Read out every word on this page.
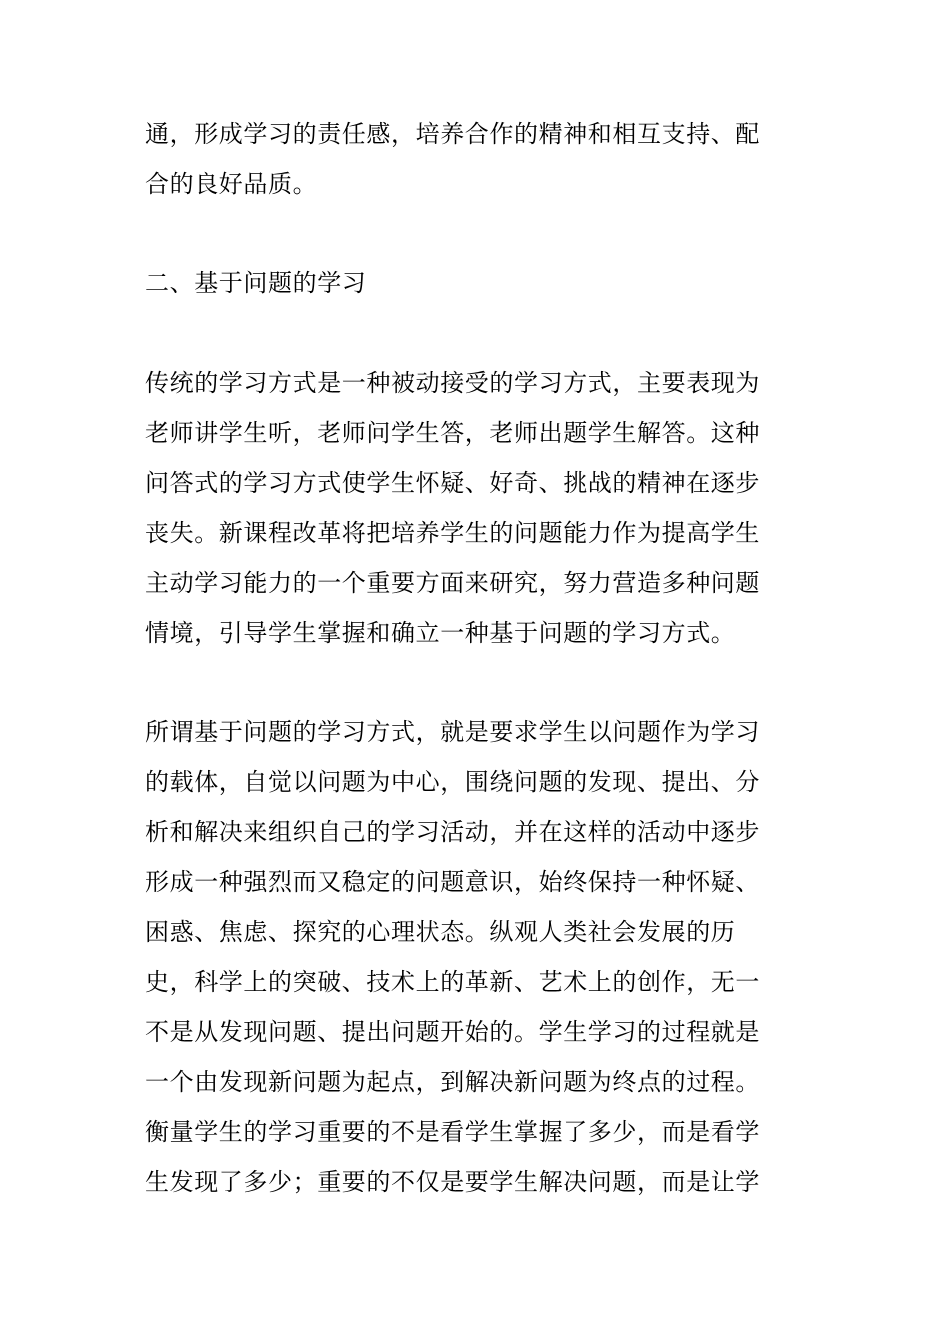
通，形成学习的责任感，培养合作的精神和相互支持、配

合的良好品质。

二、基于问题的学习

传统的学习方式是一种被动接受的学习方式，主要表现为

老师讲学生听，老师问学生答，老师出题学生解答。这种

问答式的学习方式使学生怀疑、好奇、挑战的精神在逐步

丧失。新课程改革将把培养学生的问题能力作为提高学生

主动学习能力的一个重要方面来研究，努力营造多种问题

情境，引导学生掌握和确立一种基于问题的学习方式。

所谓基于问题的学习方式，就是要求学生以问题作为学习

的载体，自觉以问题为中心，围绕问题的发现、提出、分

析和解决来组织自己的学习活动，并在这样的活动中逐步

形成一种强烈而又稳定的问题意识，始终保持一种怀疑、

困惑、焦虑、探究的心理状态。纵观人类社会发展的历

史，科学上的突破、技术上的革新、艺术上的创作，无一

不是从发现问题、提出问题开始的。学生学习的过程就是

一个由发现新问题为起点，到解决新问题为终点的过程。

衡量学生的学习重要的不是看学生掌握了多少，而是看学

生发现了多少；重要的不仅是要学生解决问题，而是让学
